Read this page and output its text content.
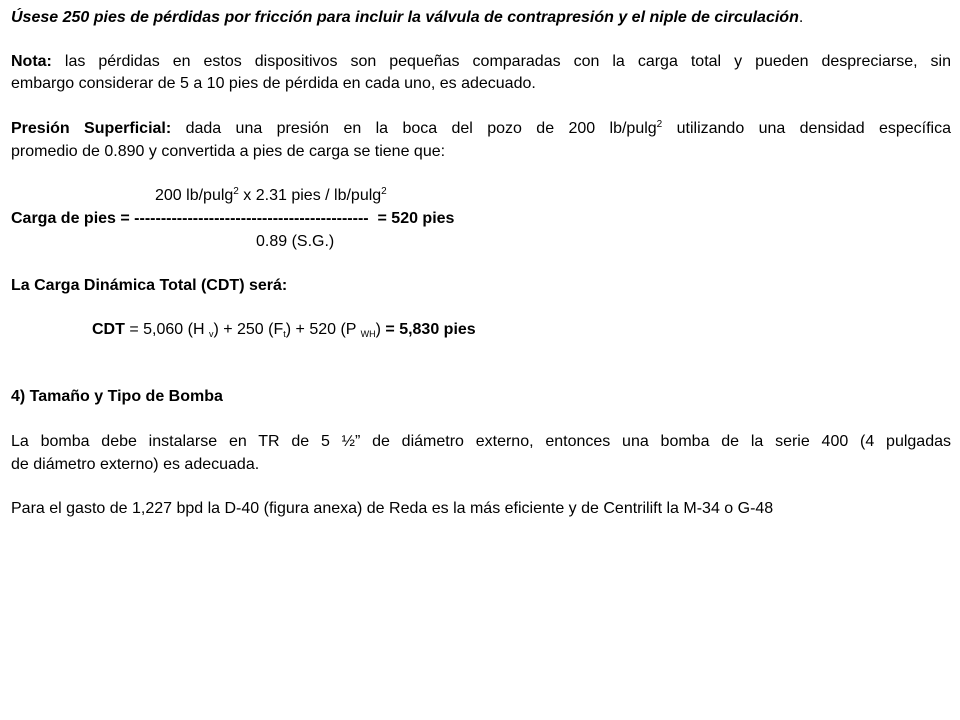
Úsese 250 pies de pérdidas por fricción para incluir la válvula de contrapresión y el niple de circulación.
Nota: las pérdidas en estos dispositivos son pequeñas comparadas con la carga total y pueden despreciarse, sin
embargo considerar de 5 a 10 pies de pérdida en cada uno, es adecuado.
Presión Superficial: dada una presión en la boca del pozo de 200 lb/pulg$^2$ utilizando una densidad específica
promedio de 0.890 y convertida a pies de carga se tiene que:
200 lb/pulg$^2$ x 2.31 pies / lb/pulg$^2$
Carga de pies = -------------------------------------------- = 520 pies
0.89 (S.G.)
La Carga Dinámica Total (CDT) será:
CDT = 5,060 (H $_v$) + 250 $(F_t) + 520$ (P $_{WH}$) = 5,830 pies
4) Tamaño y Tipo de Bomba
La bomba debe instalarse en TR de 5 ½” de diámetro externo, entonces una bomba de la serie 400 (4 pulgadas
de diámetro externo) es adecuada.
Para el gasto de 1,227 bpd la D-40 (figura anexa) de Reda es la más eficiente y de Centrilift la M-34 o G-48
